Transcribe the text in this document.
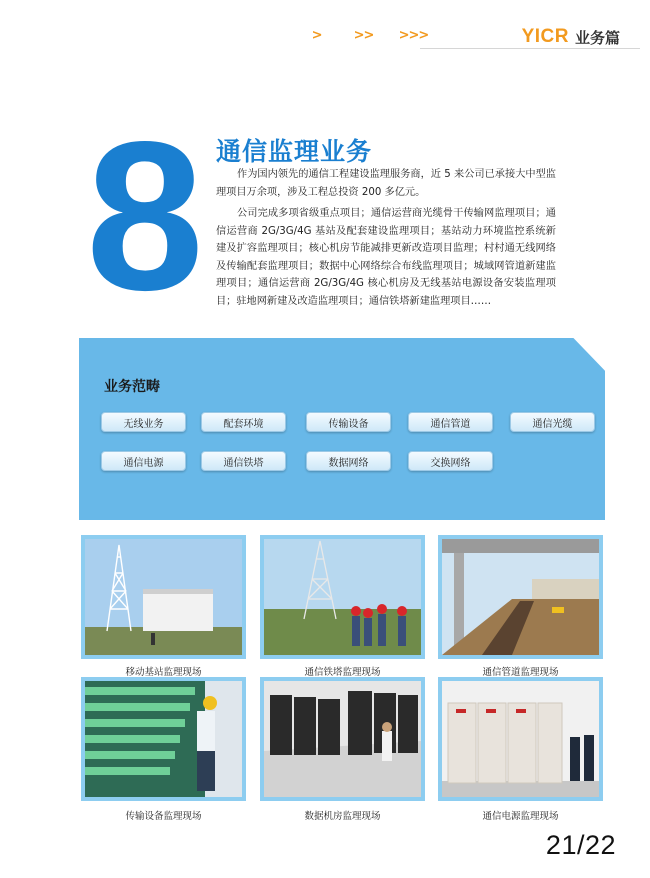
> >> >>>	YICR 业务篇
8 通信监理业务

作为国内领先的通信工程建设监理服务商，近 5 来公司已承接大中型监理项目万余项，涉及工程总投资 200 多亿元。

公司完成多项省级重点项目；通信运营商光缆骨干传输网监理项目；通信运营商 2G/3G/4G 基站及配套建设监理项目；基站动力环境监控系统新建及扩容监理项目；核心机房节能减排更新改造项目监理；村村通无线网络及传输配套监理项目；数据中心网络综合布线监理项目；城域网管道新建监理项目；通信运营商 2G/3G/4G 核心机房及无线基站电源设备安装监理项目；驻地网新建及改造监理项目；通信铁塔新建监理项目……

业务范畴
无线业务	配套环境	传输设备	通信管道	通信光缆
通信电源	通信铁塔	数据网络	交换网络
移动基站监理现场	通信铁塔监理现场	通信管道监理现场
传输设备监理现场	数据机房监理现场	通信电源监理现场
21/22
